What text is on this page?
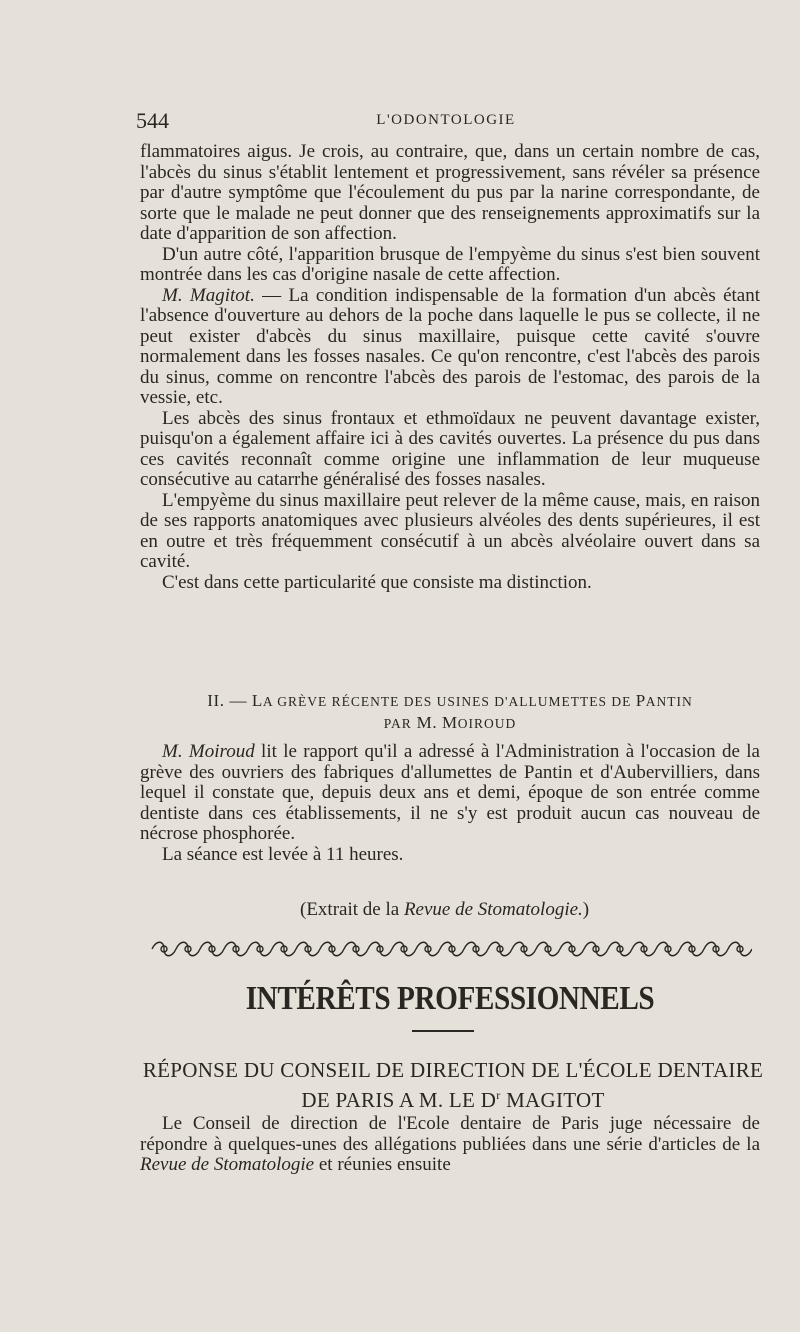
544	L'ODONTOLOGIE

flammatoires aigus. Je crois, au contraire, que, dans un certain nombre de cas, l'abcès du sinus s'établit lentement et progressivement, sans révéler sa présence par d'autre symptôme que l'écoulement du pus par la narine correspondante, de sorte que le malade ne peut donner que des renseignements approximatifs sur la date d'apparition de son affection.

D'un autre côté, l'apparition brusque de l'empyème du sinus s'est bien souvent montrée dans les cas d'origine nasale de cette affection.

M. Magitot. — La condition indispensable de la formation d'un abcès étant l'absence d'ouverture au dehors de la poche dans laquelle le pus se collecte, il ne peut exister d'abcès du sinus maxillaire, puisque cette cavité s'ouvre normalement dans les fosses nasales. Ce qu'on rencontre, c'est l'abcès des parois du sinus, comme on rencontre l'abcès des parois de l'estomac, des parois de la vessie, etc.

Les abcès des sinus frontaux et ethmoïdaux ne peuvent davantage exister, puisqu'on a également affaire ici à des cavités ouvertes. La présence du pus dans ces cavités reconnaît comme origine une inflammation de leur muqueuse consécutive au catarrhe généralisé des fosses nasales.

L'empyème du sinus maxillaire peut relever de la même cause, mais, en raison de ses rapports anatomiques avec plusieurs alvéoles des dents supérieures, il est en outre et très fréquemment consécutif à un abcès alvéolaire ouvert dans sa cavité.

C'est dans cette particularité que consiste ma distinction.

II. — LA GRÈVE RÉCENTE DES USINES D'ALLUMETTES DE PANTIN
PAR M. MOIROUD

M. Moiroud lit le rapport qu'il a adressé à l'Administration à l'occasion de la grève des ouvriers des fabriques d'allumettes de Pantin et d'Aubervilliers, dans lequel il constate que, depuis deux ans et demi, époque de son entrée comme dentiste dans ces établissements, il ne s'y est produit aucun cas nouveau de nécrose phosphorée.

La séance est levée à 11 heures.

(Extrait de la Revue de Stomatologie.)
INTÉRÊTS PROFESSIONNELS
RÉPONSE DU CONSEIL DE DIRECTION DE L'ÉCOLE DENTAIRE
DE PARIS A M. LE $D^r$ MAGITOT

Le Conseil de direction de l'Ecole dentaire de Paris juge nécessaire de répondre à quelques-unes des allégations publiées dans une série d'articles de la Revue de Stomatologie et réunies ensuite
